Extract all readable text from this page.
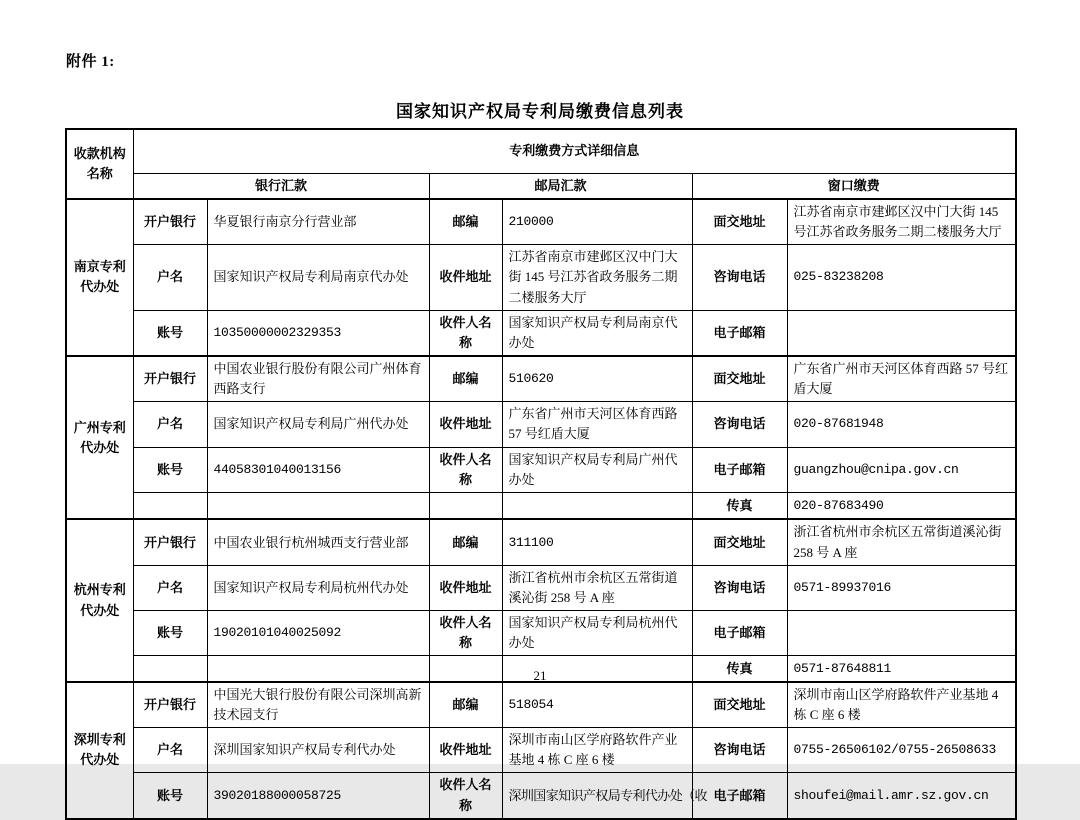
附件 1:
国家知识产权局专利局缴费信息列表
收款机构 名称	专利缴费方式详细信息					
	银行汇款		邮局汇款		窗口缴费	
南京专利 代办处	开户银行	华夏银行南京分行营业部	邮编	210000	面交地址	江苏省南京市建邺区汉中门大街 145 号江苏省政务服务二期二楼服务大厅
	户名	国家知识产权局专利局南京代办处	收件地址	江苏省南京市建邺区汉中门大街 145 号江苏省政务服务二期二楼服务大厅	咨询电话	025-83238208
	账号	10350000002329353	收件人名称	国家知识产权局专利局南京代办处	电子邮箱	
广州专利 代办处	开户银行	中国农业银行股份有限公司广州体育西路支行	邮编	510620	面交地址	广东省广州市天河区体育西路 57 号红盾大厦
	户名	国家知识产权局专利局广州代办处	收件地址	广东省广州市天河区体育西路 57 号红盾大厦	咨询电话	020-87681948
	账号	44058301040013156	收件人名称	国家知识产权局专利局广州代办处	电子邮箱	guangzhou@cnipa.gov.cn
					传真	020-87683490
杭州专利 代办处	开户银行	中国农业银行杭州城西支行营业部	邮编	311100	面交地址	浙江省杭州市余杭区五常街道溪沁街 258 号 A 座
	户名	国家知识产权局专利局杭州代办处	收件地址	浙江省杭州市余杭区五常街道溪沁街 258 号 A 座	咨询电话	0571-89937016
	账号	19020101040025092	收件人名称	国家知识产权局专利局杭州代办处	电子邮箱	
					传真	0571-87648811
深圳专利 代办处	开户银行	中国光大银行股份有限公司深圳高新技术园支行	邮编	518054	面交地址	深圳市南山区学府路软件产业基地 4 栋 C 座 6 楼
	户名	深圳国家知识产权局专利代办处	收件地址	深圳市南山区学府路软件产业基地 4 栋 C 座 6 楼	咨询电话	0755-26506102/0755-26508633
	账号	39020188000058725	收件人名称	深圳国家知识产权局专利代办处（收	电子邮箱	shoufei@mail.amr.sz.gov.cn
21
